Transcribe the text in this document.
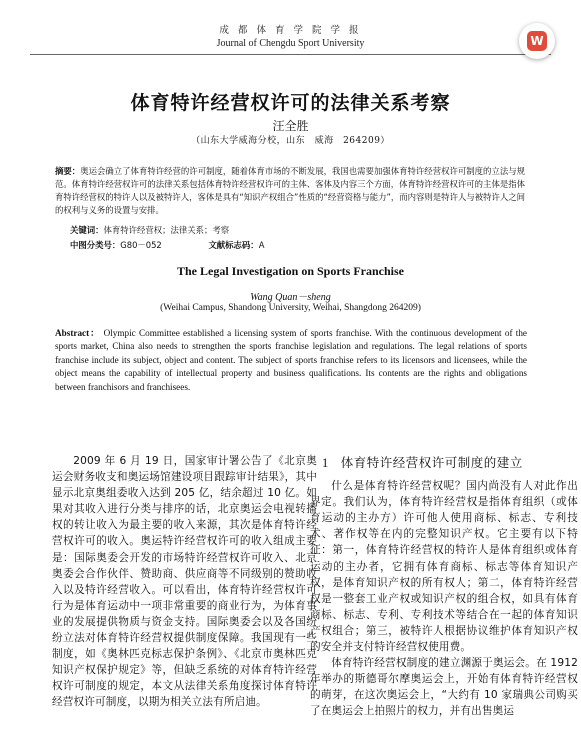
成 都 体 育 学 院 学 报
Journal of Chengdu Sport University	W
体育特许经营权许可的法律关系考察
汪全胜
（山东大学威海分校，山东　威海　264209）
摘要：奥运会确立了体育特许经营的许可制度，随着体育市场的不断发展，我国也需要加强体育特许经营权许可制度的立法与规范。体育特许经营权许可的法律关系包括体育特许经营权许可的主体、客体及内容三个方面，体育特许经营权许可的主体是指体育特许经营权的特许人以及被特许人，客体是具有“知识产权组合”性质的“经营资格与能力”，而内容则是特许人与被特许人之间的权利与义务的设置与安排。
关键词：体育特许经营权；法律关系；考察
中图分类号：G80－052	文献标志码：A
The Legal Investigation on Sports Franchise
Wang Quan－sheng
(Weihai Campus, Shandong University, Weihai, Shangdong 264209)
Abstract： Olympic Committee established a licensing system of sports franchise. With the continuous development of the sports market, China also needs to strengthen the sports franchise legislation and regulations. The legal relations of sports franchise include its subject, object and content. The subject of sports franchise refers to its licensors and licensees, while the object means the capability of intellectual property and business qualifications. Its contents are the rights and obligations between franchisors and franchisees.

2009 年 6 月 19 日，国家审计署公告了《北京奥运会财务收支和奥运场馆建设项目跟踪审计结果》，其中显示北京奥组委收入达到 205 亿，结余超过 10 亿。如果对其收入进行分类与排序的话，北京奥运会电视转播权的转让收入为最主要的收入来源，其次是体育特许经营权许可的收入。奥运特许经营权许可的收入组成主要是：国际奥委会开发的市场特许经营权许可收入、北京奥委会合作伙伴、赞助商、供应商等不同级别的赞助收入以及特许经营收入。可以看出，体育特许经营权许可行为是体育运动中一项非常重要的商业行为，为体育事业的发展提供物质与资金支持。国际奥委会以及各国纷纷立法对体育特许经营权提供制度保障。我国现有一些制度，如《奥林匹克标志保护条例》、《北京市奥林匹克知识产权保护规定》等，但缺乏系统的对体育特许经营权许可制度的规定，本文从法律关系角度探讨体育特许经营权许可制度，以期为相关立法有所启迪。

1 体育特许经营权许可制度的建立

什么是体育特许经营权呢？国内尚没有人对此作出界定。我们认为，体育特许经营权是指体育组织（或体育运动的主办方）许可他人使用商标、标志、专利技术、著作权等在内的完整知识产权。它主要有以下特征：第一，体育特许经营权的特许人是体育组织或体育运动的主办者，它拥有体育商标、标志等体育知识产权，是体育知识产权的所有权人；第二，体育特许经营权是一整套工业产权或知识产权的组合权，如具有体育商标、标志、专利、专利技术等结合在一起的体育知识产权组合；第三，被特许人根据协议维护体育知识产权的安全并支付特许经营权使用费。

体育特许经营权制度的建立渊源于奥运会。在 1912 年举办的斯德哥尔摩奥运会上，开始有体育特许经营权的萌芽，在这次奥运会上，“大约有 10 家瑞典公司购买了在奥运会上拍照片的权力，并有出售奥运
